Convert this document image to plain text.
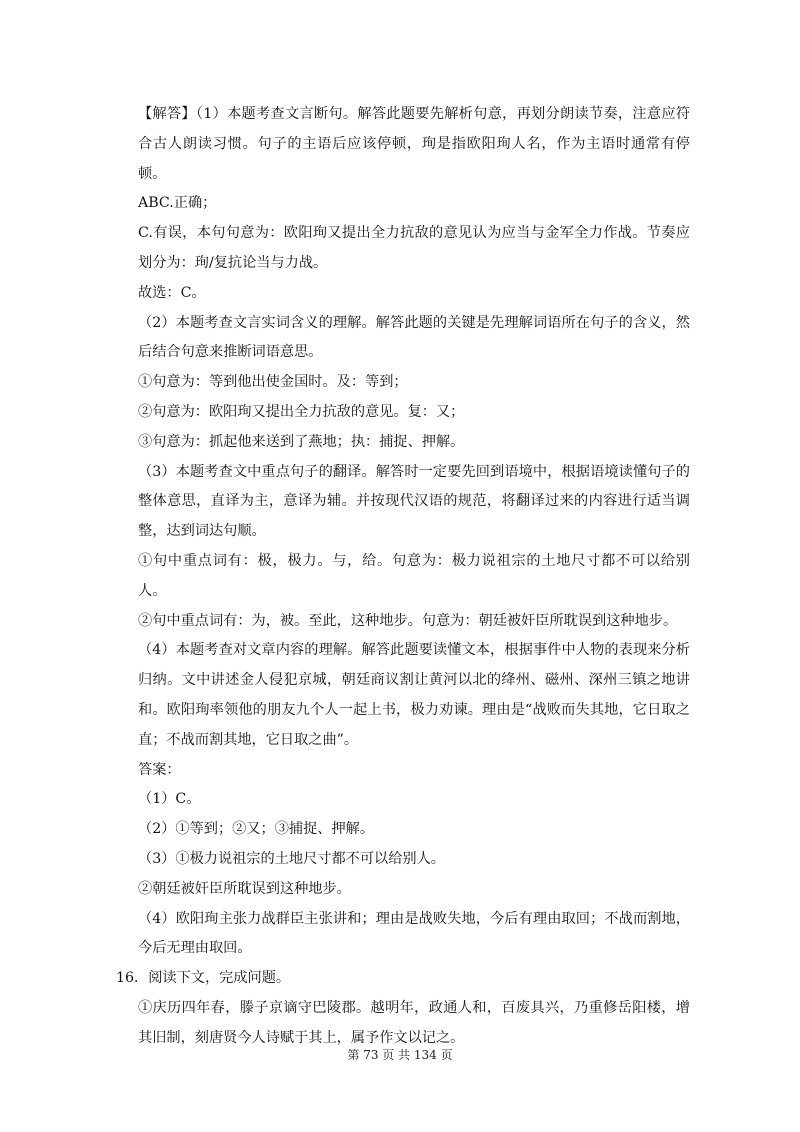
【解答】（1）本题考查文言断句。解答此题要先解析句意，再划分朗读节奏，注意应符合古人朗读习惯。句子的主语后应该停顿，珣是指欧阳珣人名，作为主语时通常有停顿。

ABC.正确；

C.有误，本句句意为：欧阳珣又提出全力抗敌的意见认为应当与金军全力作战。节奏应划分为：珣/复抗论当与力战。

故选：C。

（2）本题考查文言实词含义的理解。解答此题的关键是先理解词语所在句子的含义，然后结合句意来推断词语意思。

①句意为：等到他出使金国时。及：等到；

②句意为：欧阳珣又提出全力抗敌的意见。复：又；

③句意为：抓起他来送到了燕地；执：捕捉、押解。

（3）本题考查文中重点句子的翻译。解答时一定要先回到语境中，根据语境读懂句子的整体意思，直译为主，意译为辅。并按现代汉语的规范，将翻译过来的内容进行适当调整，达到词达句顺。

①句中重点词有：极，极力。与，给。句意为：极力说祖宗的土地尺寸都不可以给别人。

②句中重点词有：为，被。至此，这种地步。句意为：朝廷被奸臣所耽误到这种地步。

（4）本题考查对文章内容的理解。解答此题要读懂文本，根据事件中人物的表现来分析归纳。文中讲述金人侵犯京城，朝廷商议割让黄河以北的绛州、磁州、深州三镇之地讲和。欧阳珣率领他的朋友九个人一起上书，极力劝谏。理由是“战败而失其地，它日取之直；不战而割其地，它日取之曲”。

答案：

（1）C。

（2）①等到；②又；③捕捉、押解。

（3）①极力说祖宗的土地尺寸都不可以给别人。

②朝廷被奸臣所耽误到这种地步。

（4）欧阳珣主张力战群臣主张讲和；理由是战败失地，今后有理由取回；不战而割地，今后无理由取回。

16．阅读下文，完成问题。

①庆历四年春，滕子京谪守巴陵郡。越明年，政通人和，百废具兴，乃重修岳阳楼，增其旧制，刻唐贤今人诗赋于其上，属予作文以记之。

第 73 页 共 134 页
